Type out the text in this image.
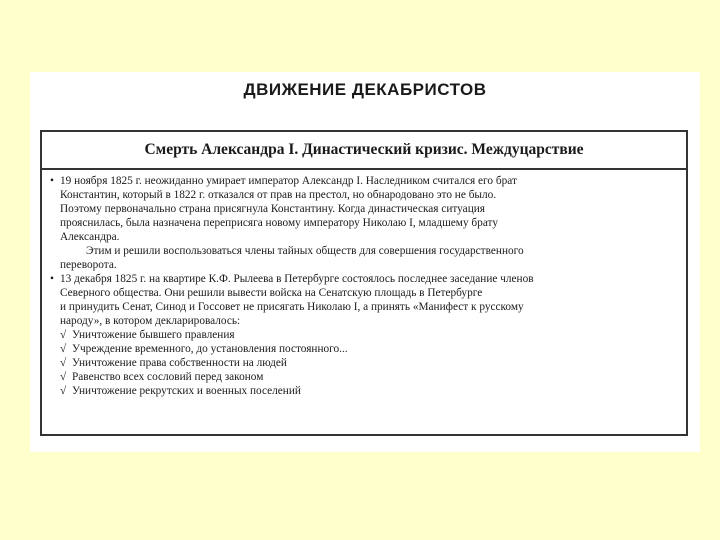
ДВИЖЕНИЕ ДЕКАБРИСТОВ
Смерть Александра I. Династический кризис. Междуцарствие

• 19 ноября 1825 г. неожиданно умирает император Александр I. Наследником считался его брат
Константин, который в 1822 г. отказался от прав на престол, но обнародовано это не было.
Поэтому первоначально страна присягнула Константину. Когда династическая ситуация
прояснилась, была назначена переприсяга новому императору Николаю I, младшему брату
Александра.

Этим и решили воспользоваться члены тайных обществ для совершения государственного
переворота.

• 13 декабря 1825 г. на квартире К.Ф. Рылеева в Петербурге состоялось последнее заседание членов
Северного общества. Они решили вывести войска на Сенатскую площадь в Петербурге
и принудить Сенат, Синод и Госсовет не присягать Николаю I, а принять «Манифест к русскому
народу», в котором декларировалось:

√ Уничтожение бывшего правления
√ Учреждение временного, до установления постоянного...
√ Уничтожение права собственности на людей
√ Равенство всех сословий перед законом
√ Уничтожение рекрутских и военных поселений
